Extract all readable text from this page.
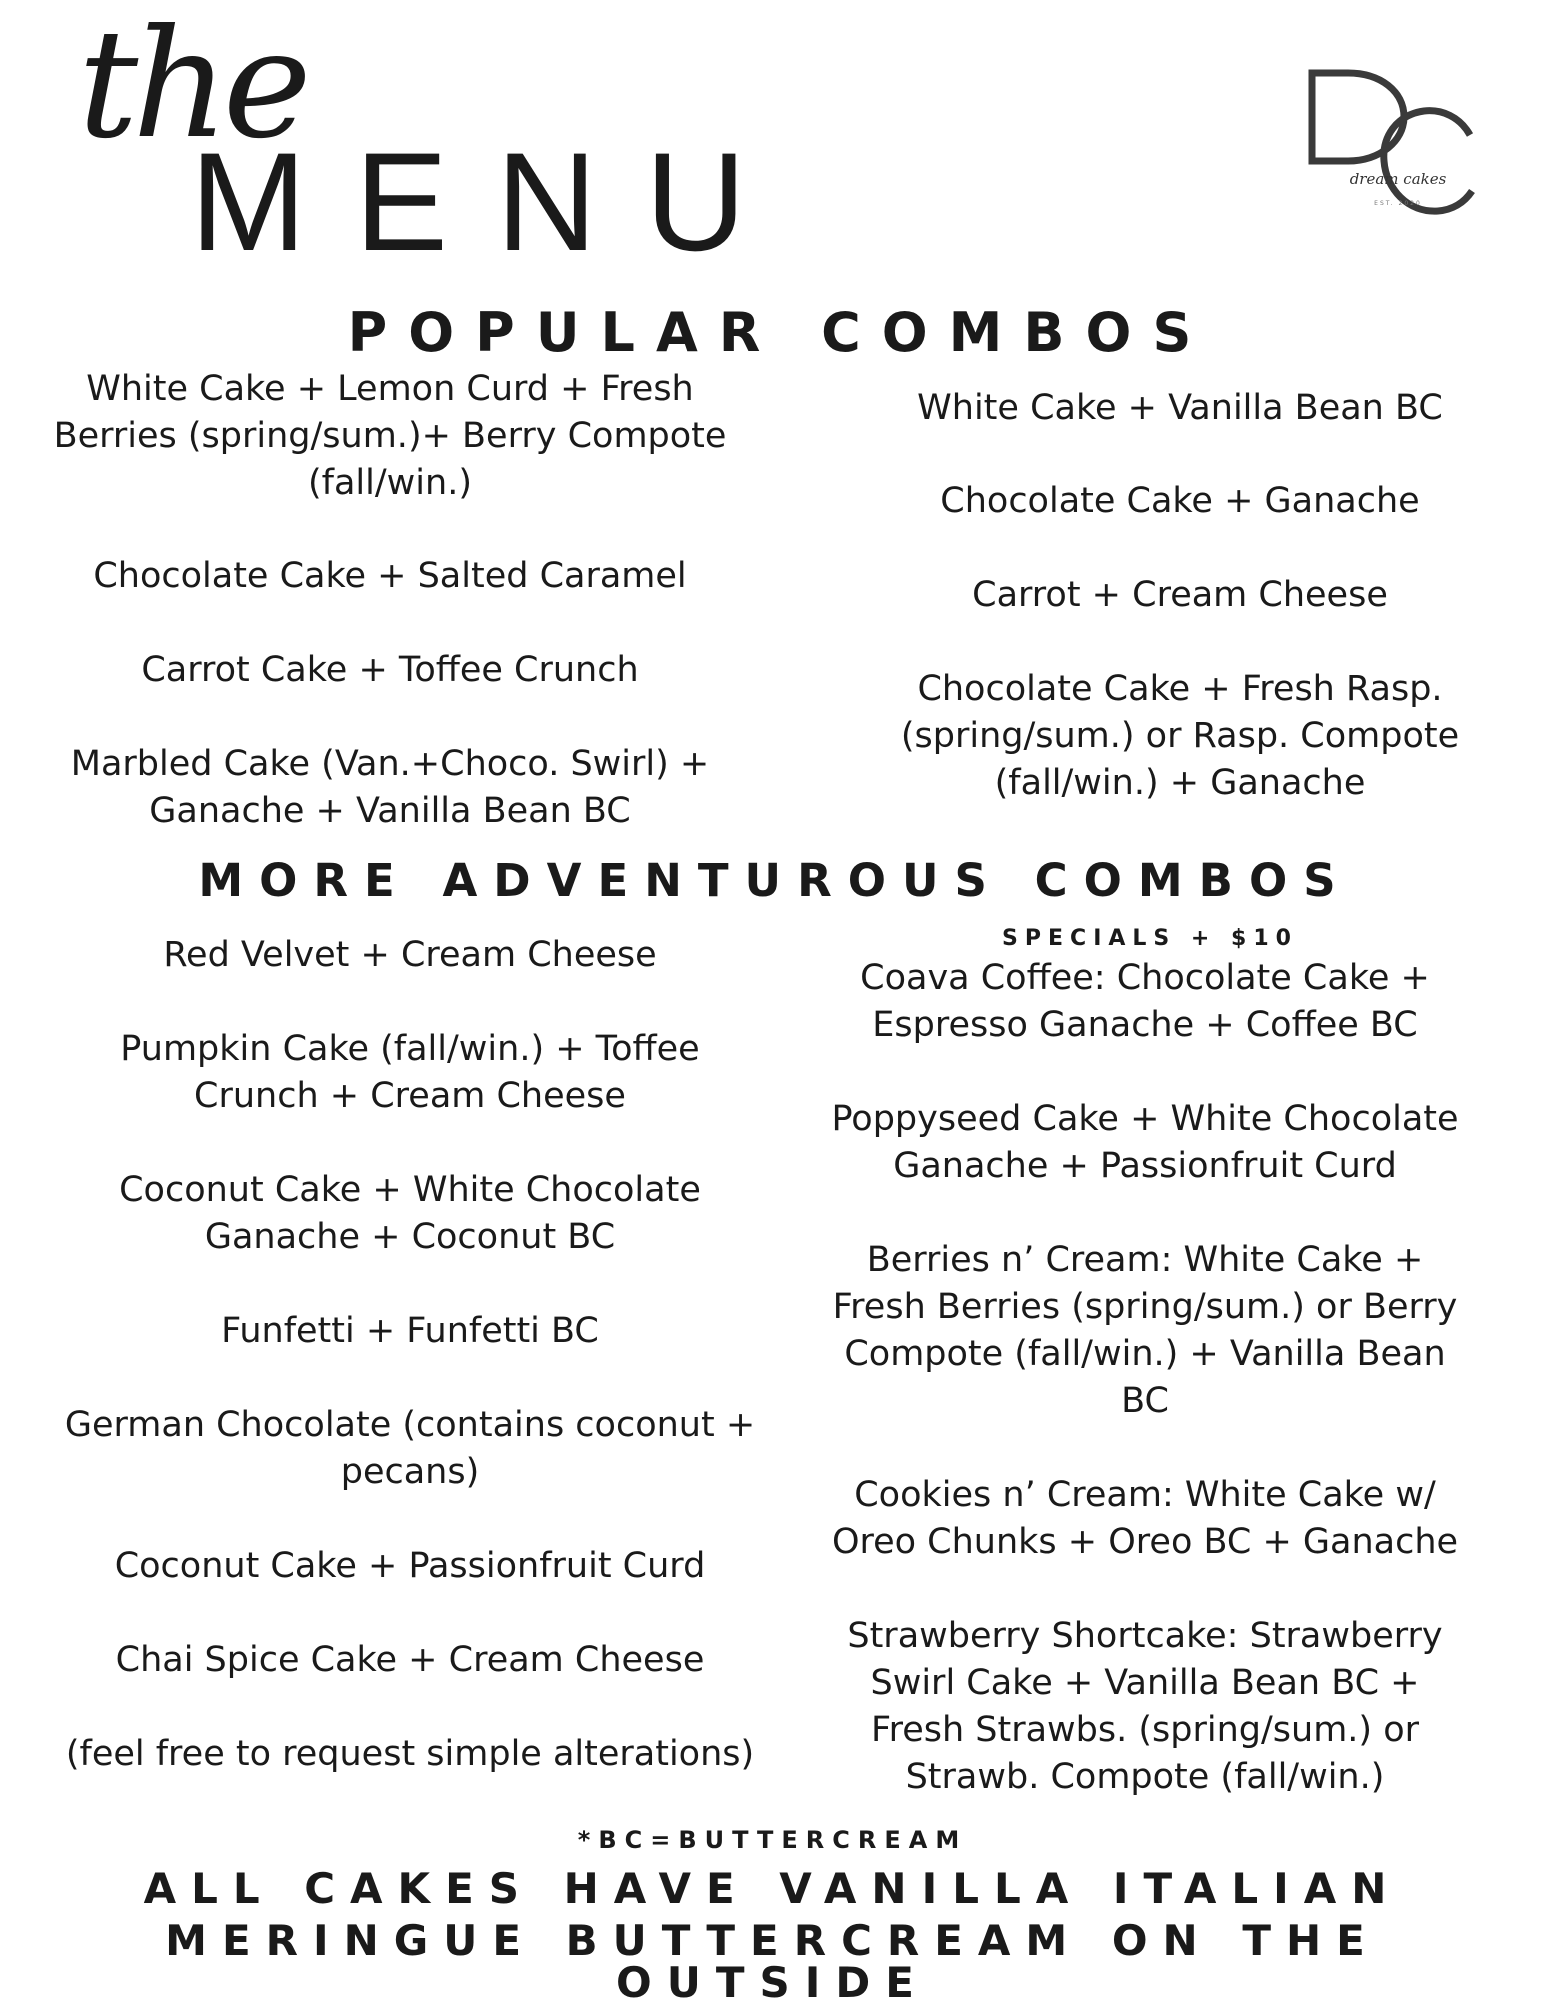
the
MENU	dream cakes
EST. 2020
POPULAR COMBOS

White Cake + Lemon Curd + Fresh Berries (spring/sum.)+ Berry Compote (fall/win.)

Chocolate Cake + Salted Caramel

Carrot Cake + Toffee Crunch

Marbled Cake (Van.+Choco. Swirl) + Ganache + Vanilla Bean BC

White Cake + Vanilla Bean BC

Chocolate Cake + Ganache

Carrot + Cream Cheese

Chocolate Cake + Fresh Rasp. (spring/sum.) or Rasp. Compote (fall/win.) + Ganache

MORE ADVENTUROUS COMBOS
SPECIALS + $10

Red Velvet + Cream Cheese

Pumpkin Cake (fall/win.) + Toffee Crunch + Cream Cheese

Coconut Cake + White Chocolate Ganache + Coconut BC

Funfetti + Funfetti BC

German Chocolate (contains coconut + pecans)

Coconut Cake + Passionfruit Curd

Chai Spice Cake + Cream Cheese

(feel free to request simple alterations)

Coava Coffee: Chocolate Cake + Espresso Ganache + Coffee BC

Poppyseed Cake + White Chocolate Ganache + Passionfruit Curd

Berries n’ Cream: White Cake + Fresh Berries (spring/sum.) or Berry Compote (fall/win.) + Vanilla Bean BC

Cookies n’ Cream: White Cake w/ Oreo Chunks + Oreo BC + Ganache

Strawberry Shortcake: Strawberry Swirl Cake + Vanilla Bean BC + Fresh Strawbs. (spring/sum.) or Strawb. Compote (fall/win.)

*BC=BUTTERCREAM
ALL CAKES HAVE VANILLA ITALIAN
MERINGUE BUTTERCREAM ON THE OUTSIDE
